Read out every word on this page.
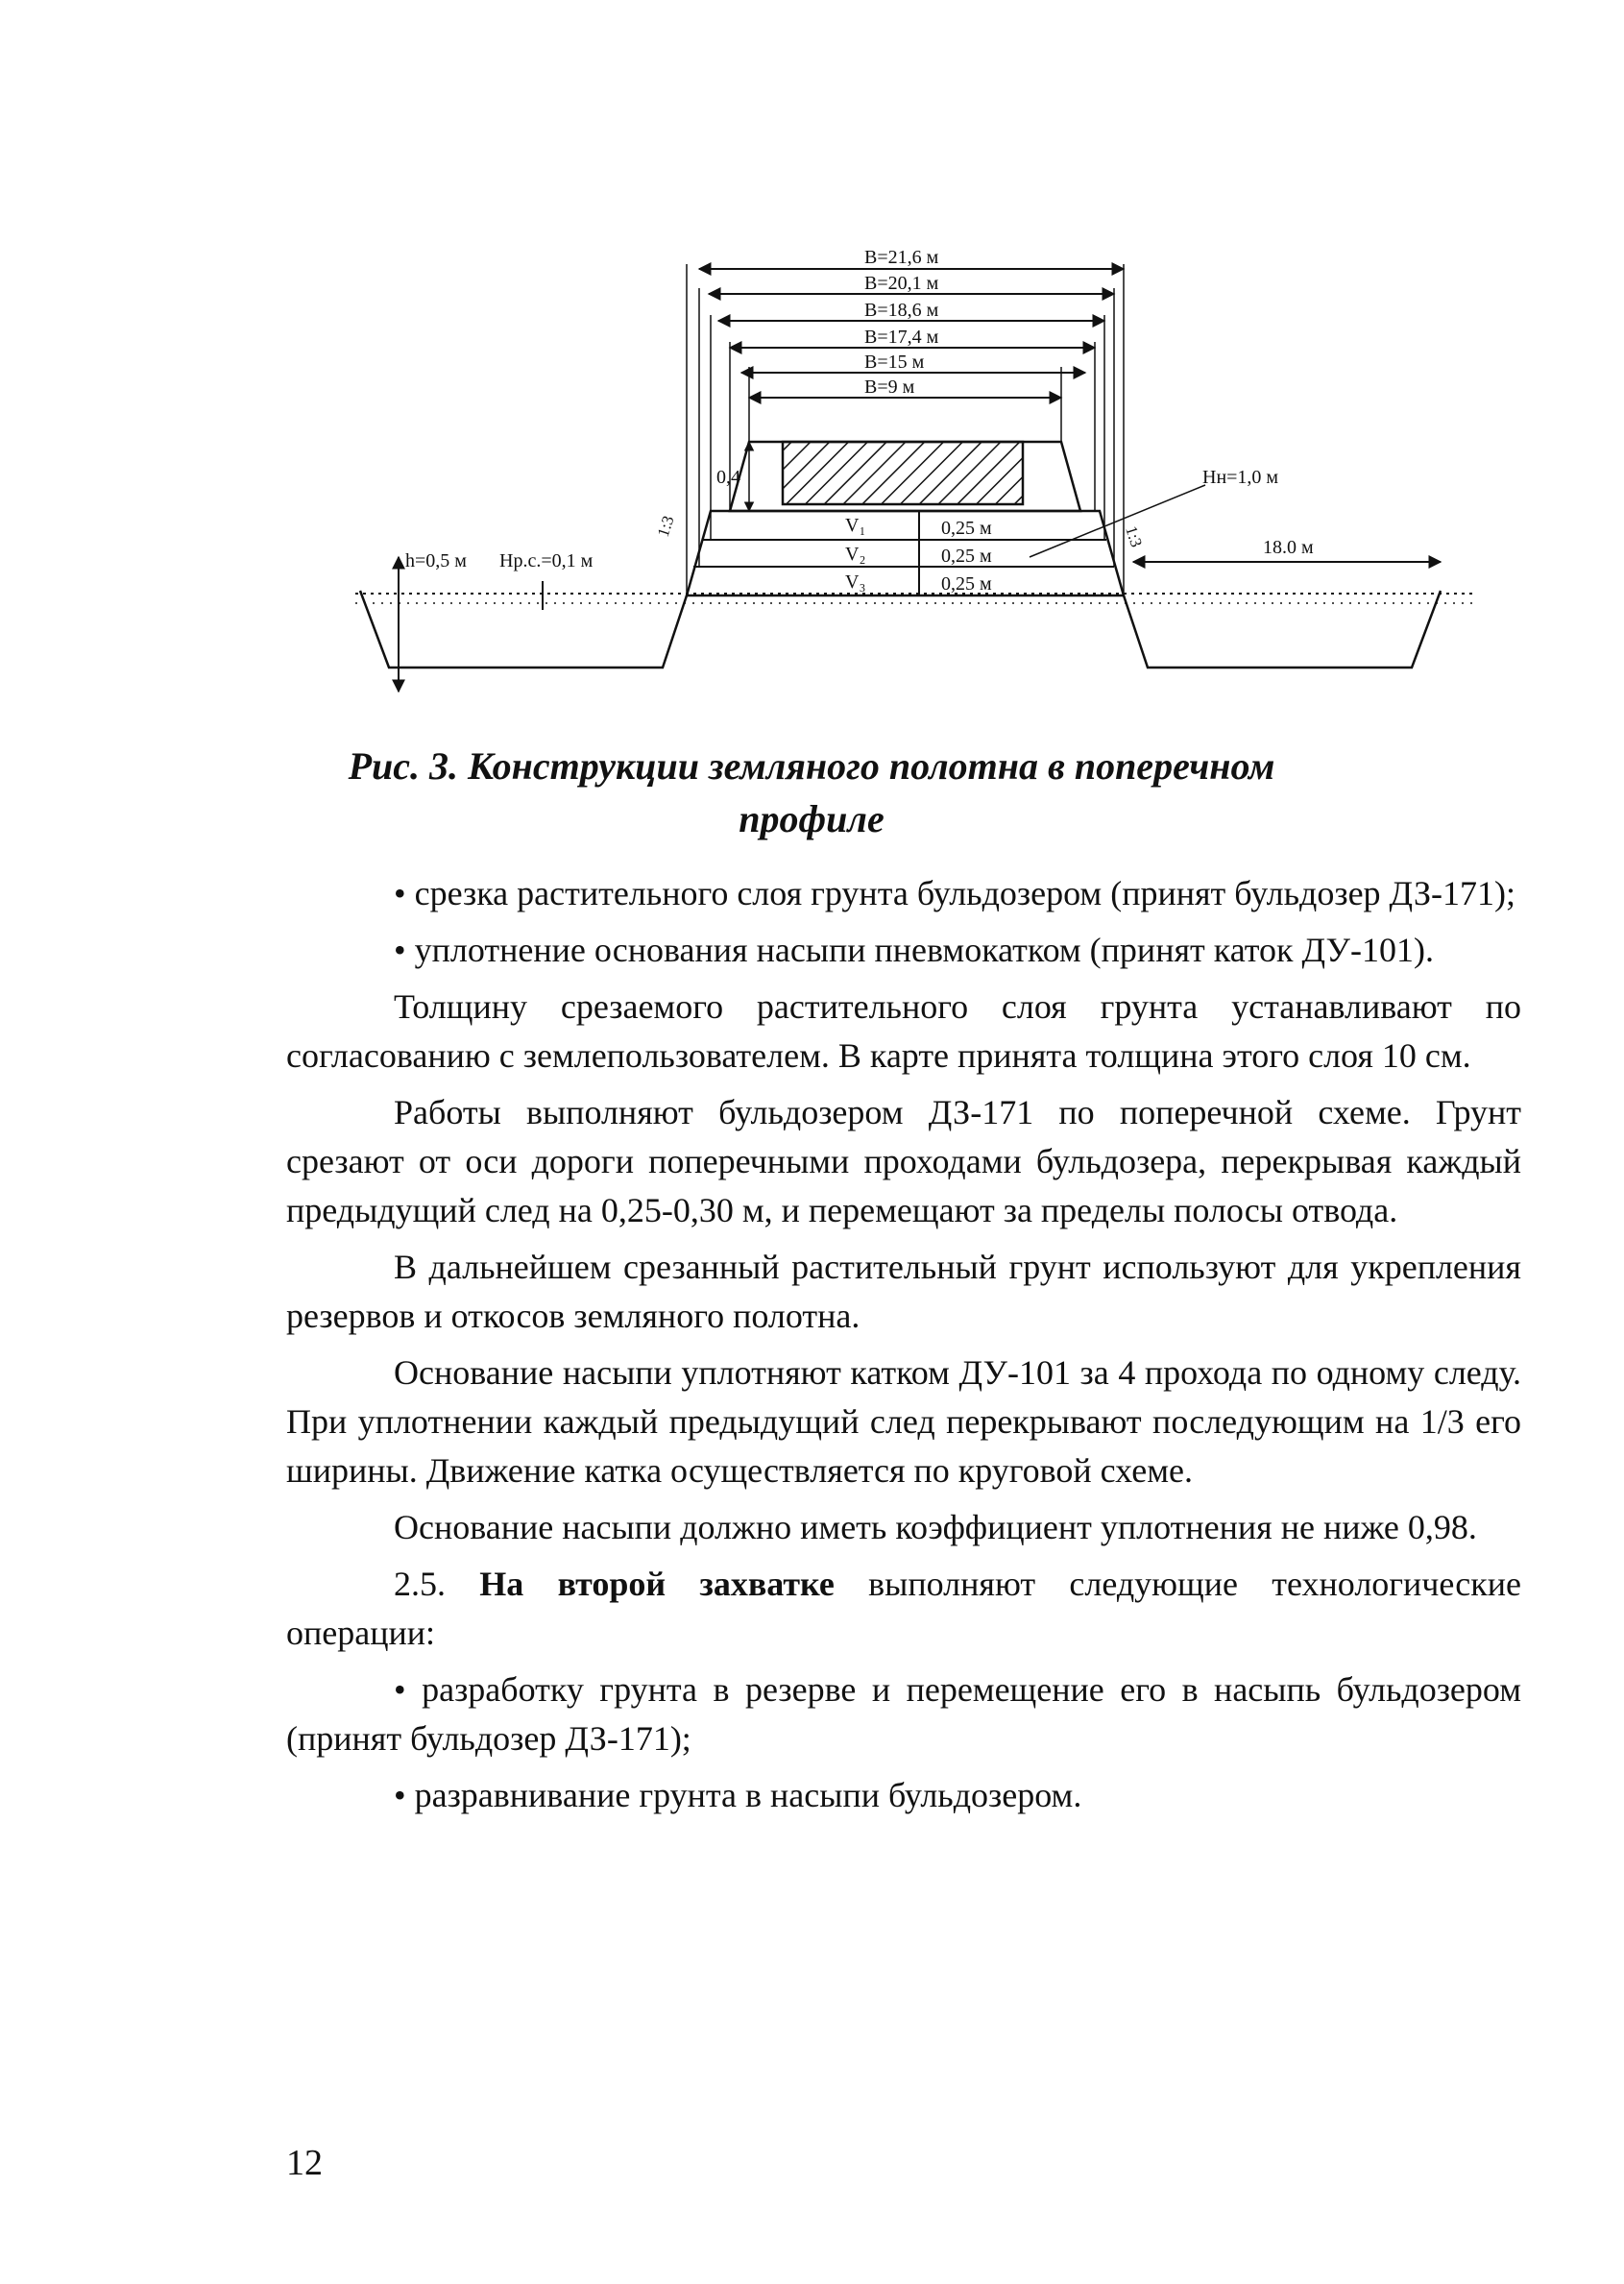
B=21,6 м
B=20,1 м
B=18,6 м
B=17,4 м
B=15 м
B=9 м
0,4
V₁
V₂
V₃
0,25 м
0,25 м
0,25 м
Hн=1,0 м
18.0 м
h=0,5 м Hр.с.=0,1 м
1:3	1:3
Рис. 3. Конструкции земляного полотна в поперечном
профиле

• срезка растительного слоя грунта бульдозером (принят бульдозер ДЗ-171);

• уплотнение основания насыпи пневмокатком (принят каток ДУ-101).

Толщину срезаемого растительного слоя грунта устанавливают по согласованию с землепользователем. В карте принята толщина этого слоя 10 см.

Работы выполняют бульдозером ДЗ-171 по поперечной схеме. Грунт срезают от оси дороги поперечными проходами бульдозера, перекрывая каждый предыдущий след на 0,25-0,30 м, и перемещают за пределы полосы отвода.

В дальнейшем срезанный растительный грунт используют для укрепления резервов и откосов земляного полотна.

Основание насыпи уплотняют катком ДУ-101 за 4 прохода по одному следу. При уплотнении каждый предыдущий след перекрывают последующим на 1/3 его ширины. Движение катка осуществляется по круговой схеме.

Основание насыпи должно иметь коэффициент уплотнения не ниже 0,98.

2.5. На второй захватке выполняют следующие технологические операции:

• разработку грунта в резерве и перемещение его в насыпь бульдозером (принят бульдозер ДЗ-171);

• разравнивание грунта в насыпи бульдозером.

12
